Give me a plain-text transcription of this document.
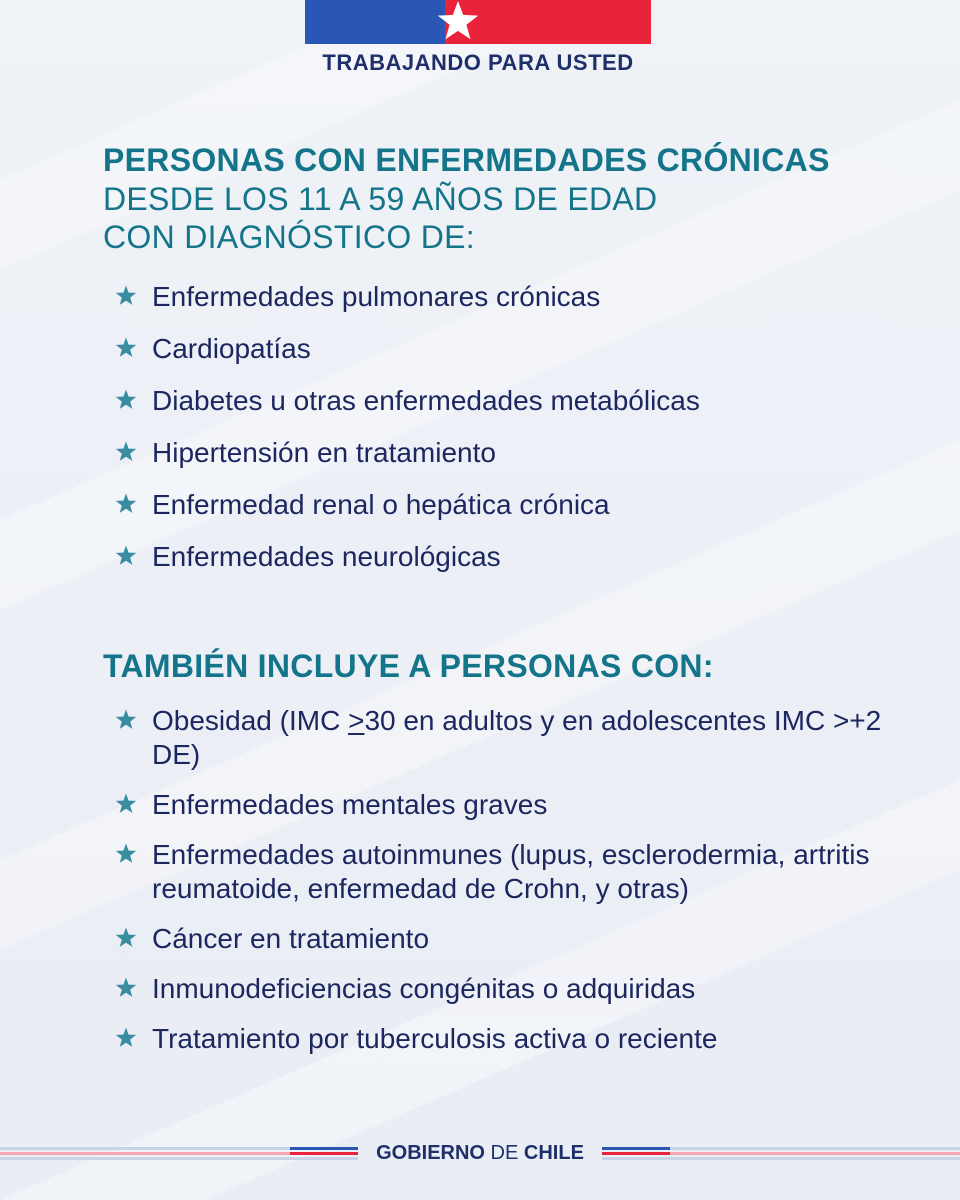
TRABAJANDO PARA USTED
PERSONAS CON ENFERMEDADES CRÓNICAS
DESDE LOS 11 A 59 AÑOS DE EDAD
CON DIAGNÓSTICO DE:
Enfermedades pulmonares crónicas
Cardiopatías
Diabetes u otras enfermedades metabólicas
Hipertensión en tratamiento
Enfermedad renal o hepática crónica
Enfermedades neurológicas
TAMBIÉN INCLUYE A PERSONAS CON:
Obesidad (IMC ≥30 en adultos y en adolescentes IMC >+2 DE)
Enfermedades mentales graves
Enfermedades autoinmunes (lupus, esclerodermia, artritis reumatoide, enfermedad de Crohn, y otras)
Cáncer en tratamiento
Inmunodeficiencias congénitas o adquiridas
Tratamiento por tuberculosis activa o reciente
GOBIERNO DE CHILE
